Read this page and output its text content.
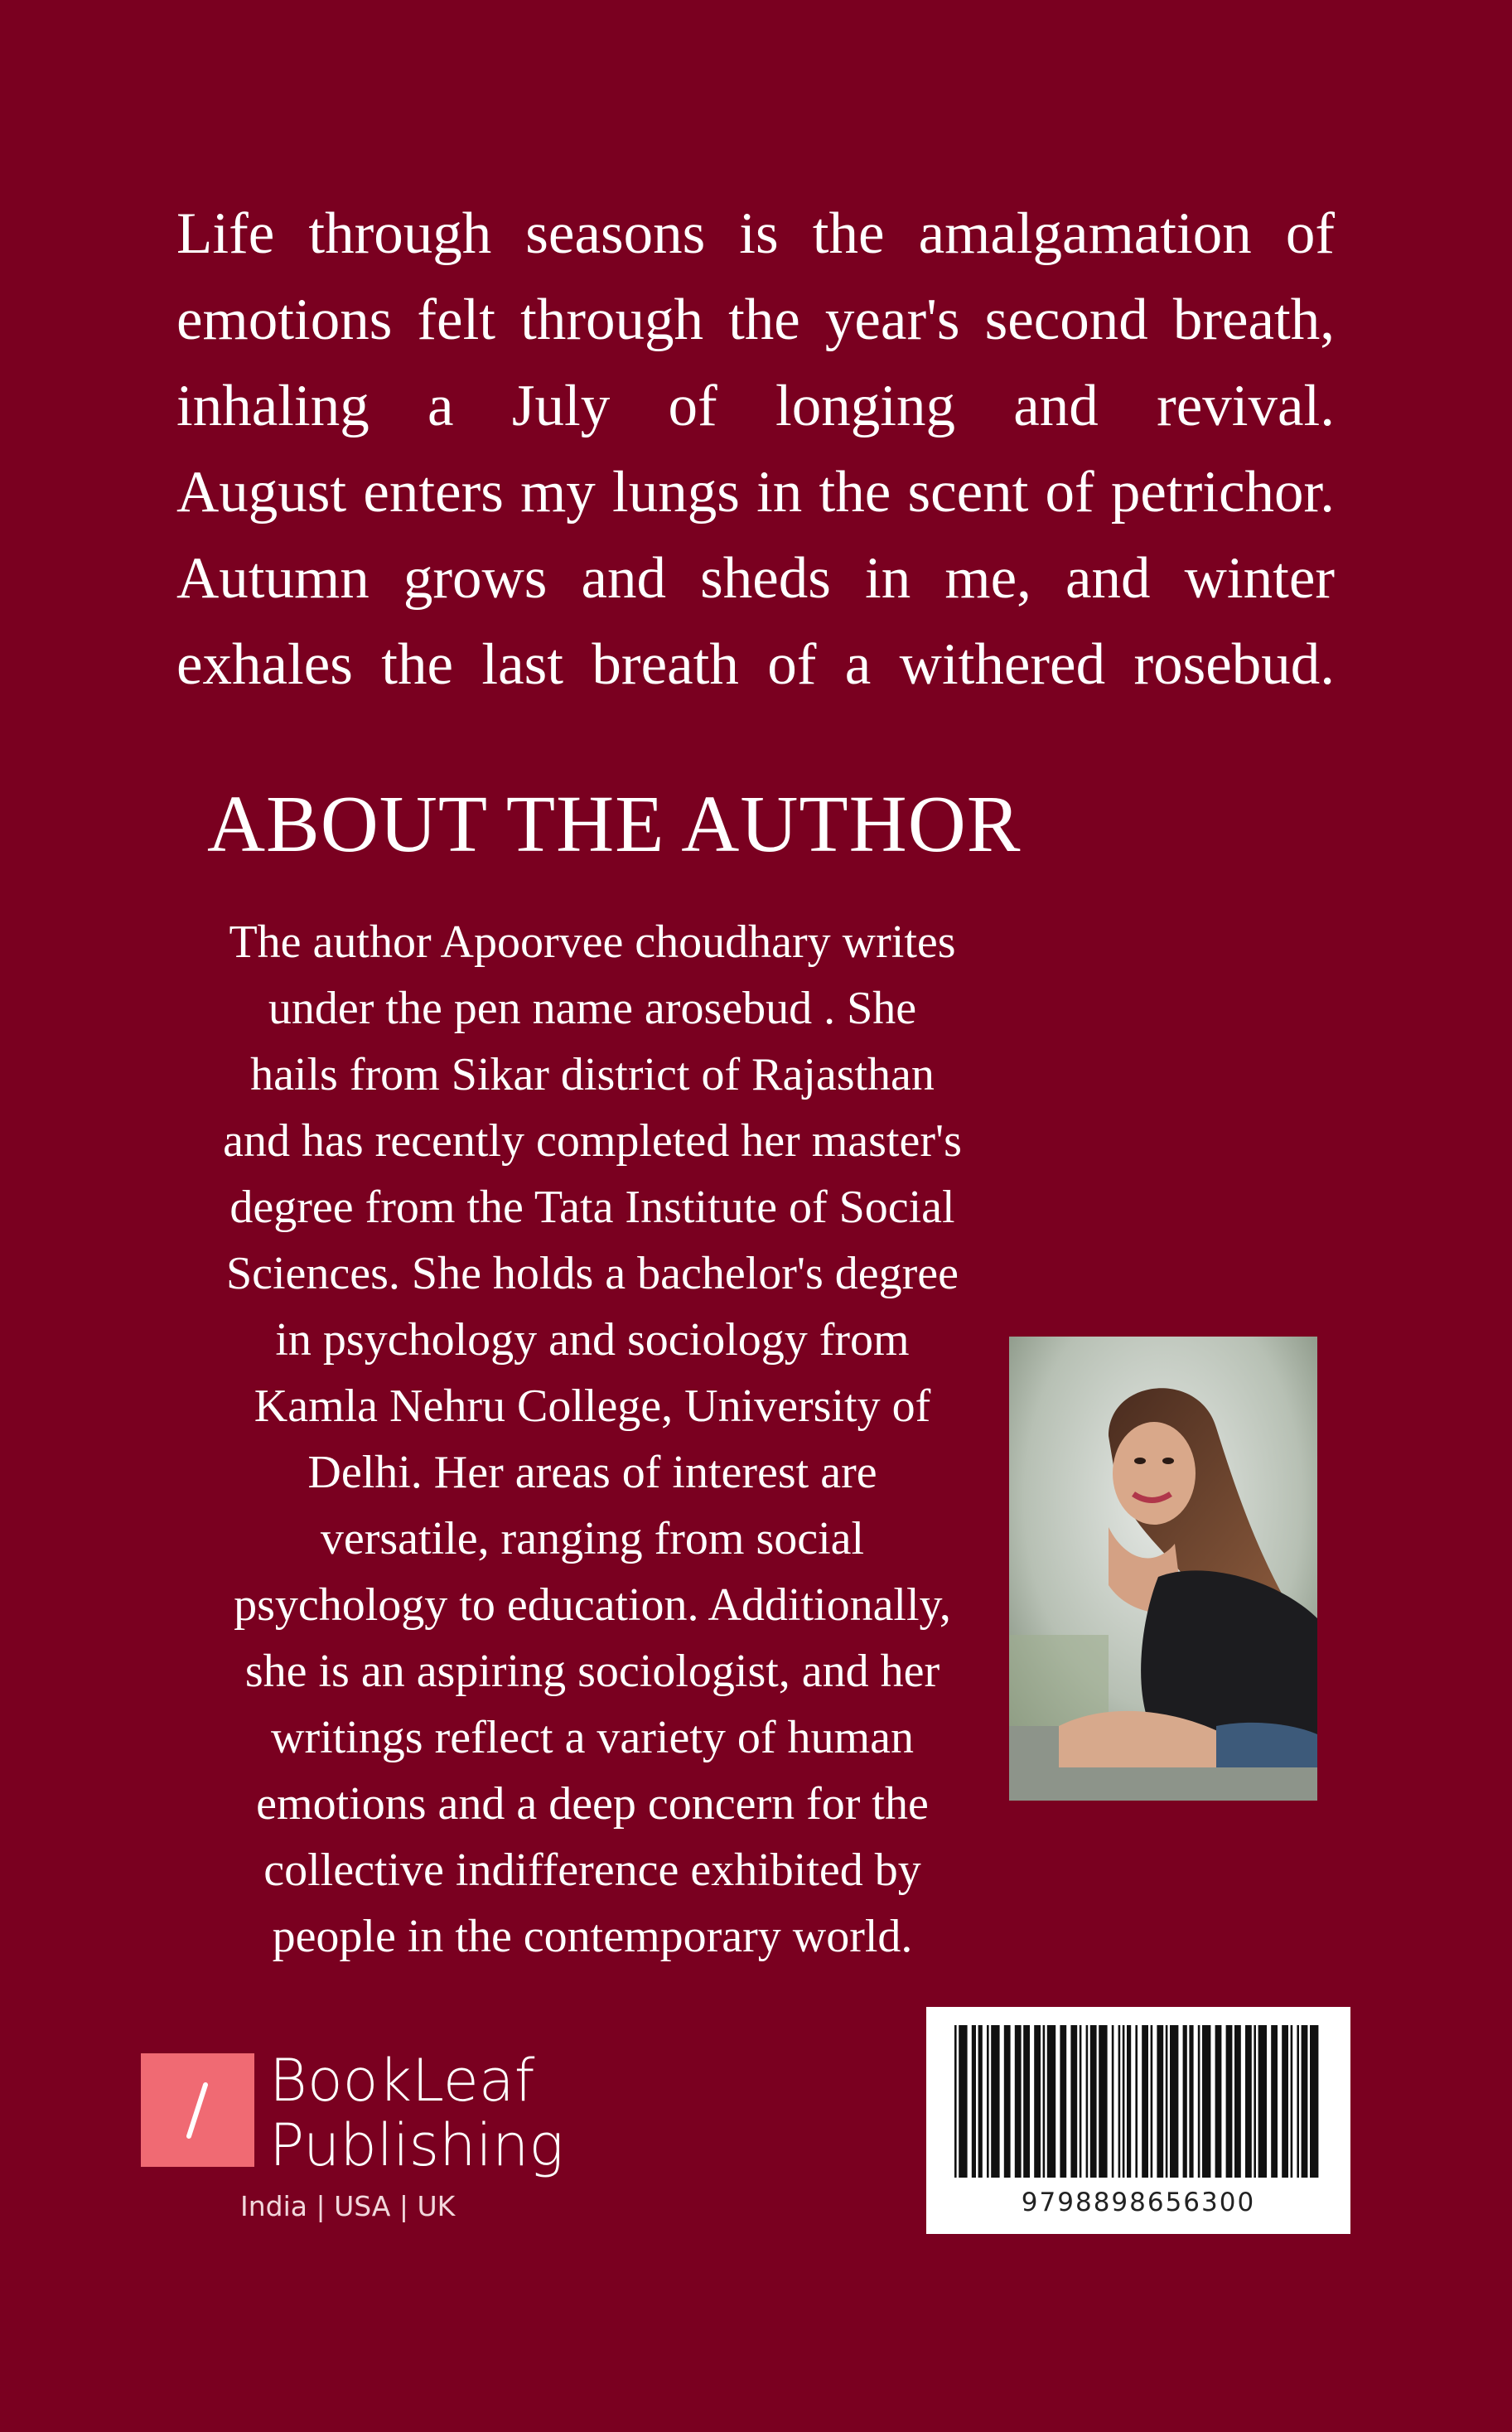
Life through seasons is the amalgamation of
emotions felt through the year's second breath,
inhaling a July of longing and revival.
August enters my lungs in the scent of petrichor.
Autumn grows and sheds in me, and winter
exhales the last breath of a withered rosebud.
ABOUT THE AUTHOR
The author Apoorvee choudhary writes
under the pen name arosebud . She
hails from Sikar district of Rajasthan
and has recently completed her master's
degree from the Tata Institute of Social
Sciences. She holds a bachelor's degree
in psychology and sociology from
Kamla Nehru College, University of
Delhi. Her areas of interest are
versatile, ranging from social
psychology to education. Additionally,
she is an aspiring sociologist, and her
writings reflect a variety of human
emotions and a deep concern for the
collective indifference exhibited by
people in the contemporary world.
BookLeaf
Publishing
India | USA | UK	9798898656300
